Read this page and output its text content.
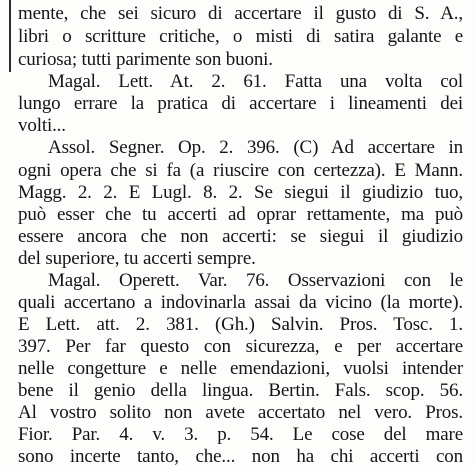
mente, che sei sicuro di accertare il gusto di S. A.,
libri o scritture critiche, o misti di satira galante e
curiosa; tutti parimente son buoni.
Magal. Lett. At. 2. 61. Fatta una volta col
lungo errare la pratica di accertare i lineamenti dei
volti...
Assol. Segner. Op. 2. 396. (C) Ad accertare in
ogni opera che si fa (a riuscire con certezza). E Mann.
Magg. 2. 2. E Lugl. 8. 2. Se siegui il giudizio tuo,
può esser che tu accerti ad oprar rettamente, ma può
essere ancora che non accerti: se siegui il giudizio
del superiore, tu accerti sempre.
Magal. Operett. Var. 76. Osservazioni con le
quali accertano a indovinarla assai da vicino (la morte).
E Lett. att. 2. 381. (Gh.) Salvin. Pros. Tosc. 1.
397. Per far questo con sicurezza, e per accertare
nelle congetture e nelle emendazioni, vuolsi intender
bene il genio della lingua. Bertin. Fals. scop. 56.
Al vostro solito non avete accertato nel vero. Pros.
Fior. Par. 4. v. 3. p. 54. Le cose del mare
sono incerte tanto, che... non ha chi accerti con
